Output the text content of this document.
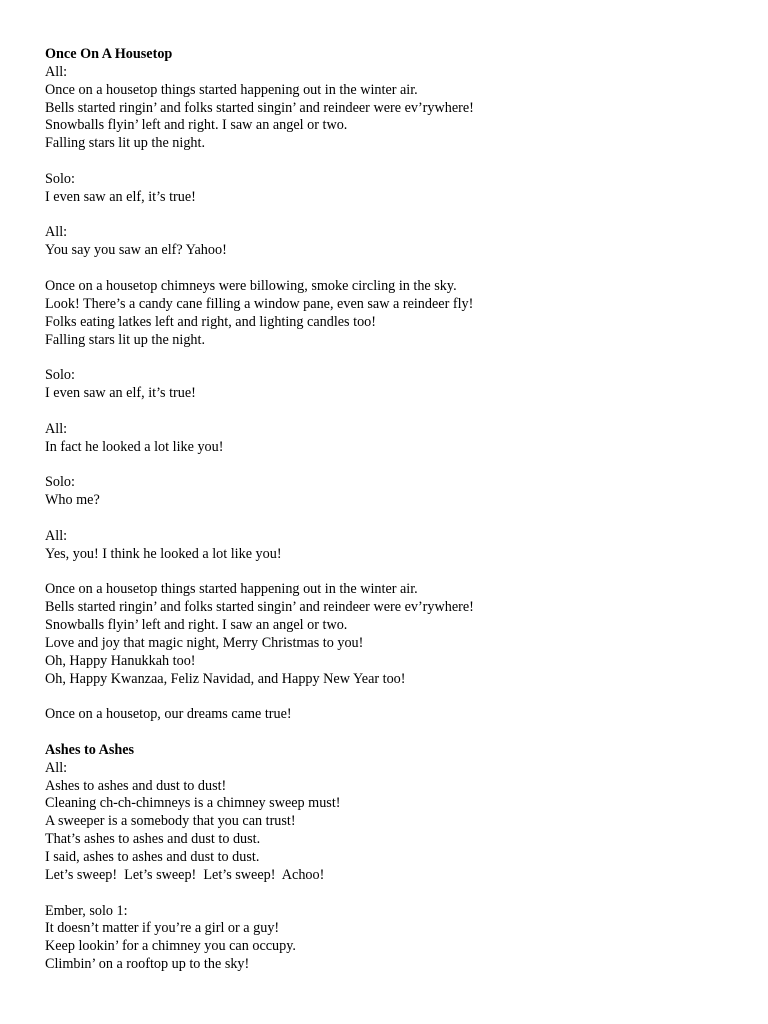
Once On A Housetop
All:
Once on a housetop things started happening out in the winter air.
Bells started ringin’ and folks started singin’ and reindeer were ev’rywhere!
Snowballs flyin’ left and right. I saw an angel or two.
Falling stars lit up the night.
Solo:
I even saw an elf, it’s true!
All:
You say you saw an elf? Yahoo!
Once on a housetop chimneys were billowing, smoke circling in the sky.
Look! There’s a candy cane filling a window pane, even saw a reindeer fly!
Folks eating latkes left and right, and lighting candles too!
Falling stars lit up the night.
Solo:
I even saw an elf, it’s true!
All:
In fact he looked a lot like you!
Solo:
Who me?
All:
Yes, you! I think he looked a lot like you!
Once on a housetop things started happening out in the winter air.
Bells started ringin’ and folks started singin’ and reindeer were ev’rywhere!
Snowballs flyin’ left and right. I saw an angel or two.
Love and joy that magic night, Merry Christmas to you!
Oh, Happy Hanukkah too!
Oh, Happy Kwanzaa, Feliz Navidad, and Happy New Year too!
Once on a housetop, our dreams came true!
Ashes to Ashes
All:
Ashes to ashes and dust to dust!
Cleaning ch-ch-chimneys is a chimney sweep must!
A sweeper is a somebody that you can trust!
That’s ashes to ashes and dust to dust.
I said, ashes to ashes and dust to dust.
Let’s sweep!  Let’s sweep!  Let’s sweep!  Achoo!
Ember, solo 1:
It doesn’t matter if you’re a girl or a guy!
Keep lookin’ for a chimney you can occupy.
Climbin’ on a rooftop up to the sky!
